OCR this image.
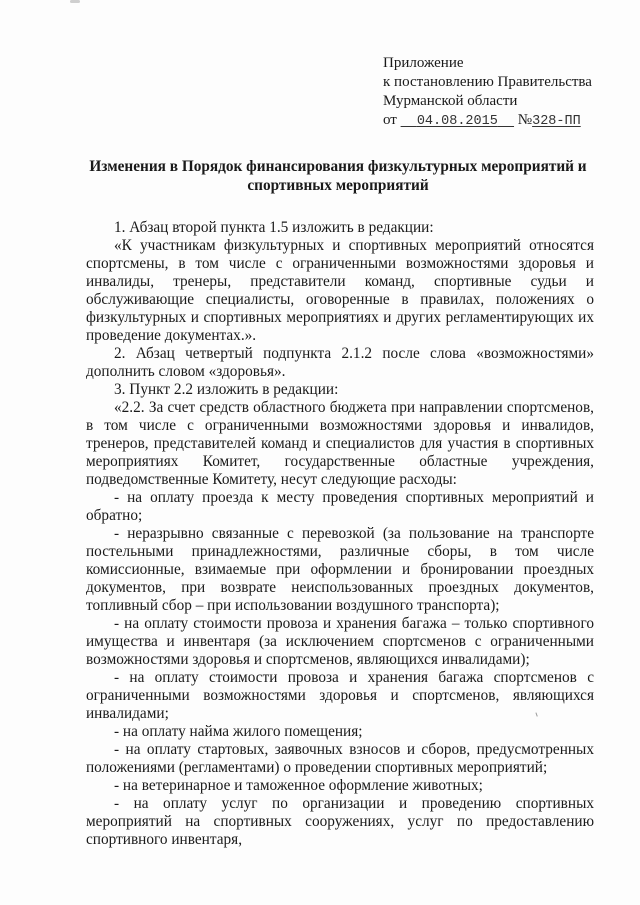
Приложение
к постановлению Правительства
Мурманской области
от 04.08.2015 №328-ПП
Изменения в Порядок финансирования физкультурных мероприятий и
спортивных мероприятий

1. Абзац второй пункта 1.5 изложить в редакции:

«К участникам физкультурных и спортивных мероприятий относятся спортсмены, в том числе с ограниченными возможностями здоровья и инвалиды, тренеры, представители команд, спортивные судьи и обслуживающие специалисты, оговоренные в правилах, положениях о физкультурных и спортивных мероприятиях и других регламентирующих их проведение документах.».

2. Абзац четвертый подпункта 2.1.2 после слова «возможностями» дополнить словом «здоровья».

3. Пункт 2.2 изложить в редакции:

«2.2. За счет средств областного бюджета при направлении спортсменов, в том числе с ограниченными возможностями здоровья и инвалидов, тренеров, представителей команд и специалистов для участия в спортивных мероприятиях Комитет, государственные областные учреждения, подведомственные Комитету, несут следующие расходы:

- на оплату проезда к месту проведения спортивных мероприятий и обратно;

- неразрывно связанные с перевозкой (за пользование на транспорте постельными принадлежностями, различные сборы, в том числе комиссионные, взимаемые при оформлении и бронировании проездных документов, при возврате неиспользованных проездных документов, топливный сбор – при использовании воздушного транспорта);

- на оплату стоимости провоза и хранения багажа – только спортивного имущества и инвентаря (за исключением спортсменов с ограниченными возможностями здоровья и спортсменов, являющихся инвалидами);

- на оплату стоимости провоза и хранения багажа спортсменов с ограниченными возможностями здоровья и спортсменов, являющихся инвалидами;

- на оплату найма жилого помещения;

- на оплату стартовых, заявочных взносов и сборов, предусмотренных положениями (регламентами) о проведении спортивных мероприятий;

- на ветеринарное и таможенное оформление животных;

- на оплату услуг по организации и проведению спортивных мероприятий на спортивных сооружениях, услуг по предоставлению спортивного инвентаря,
